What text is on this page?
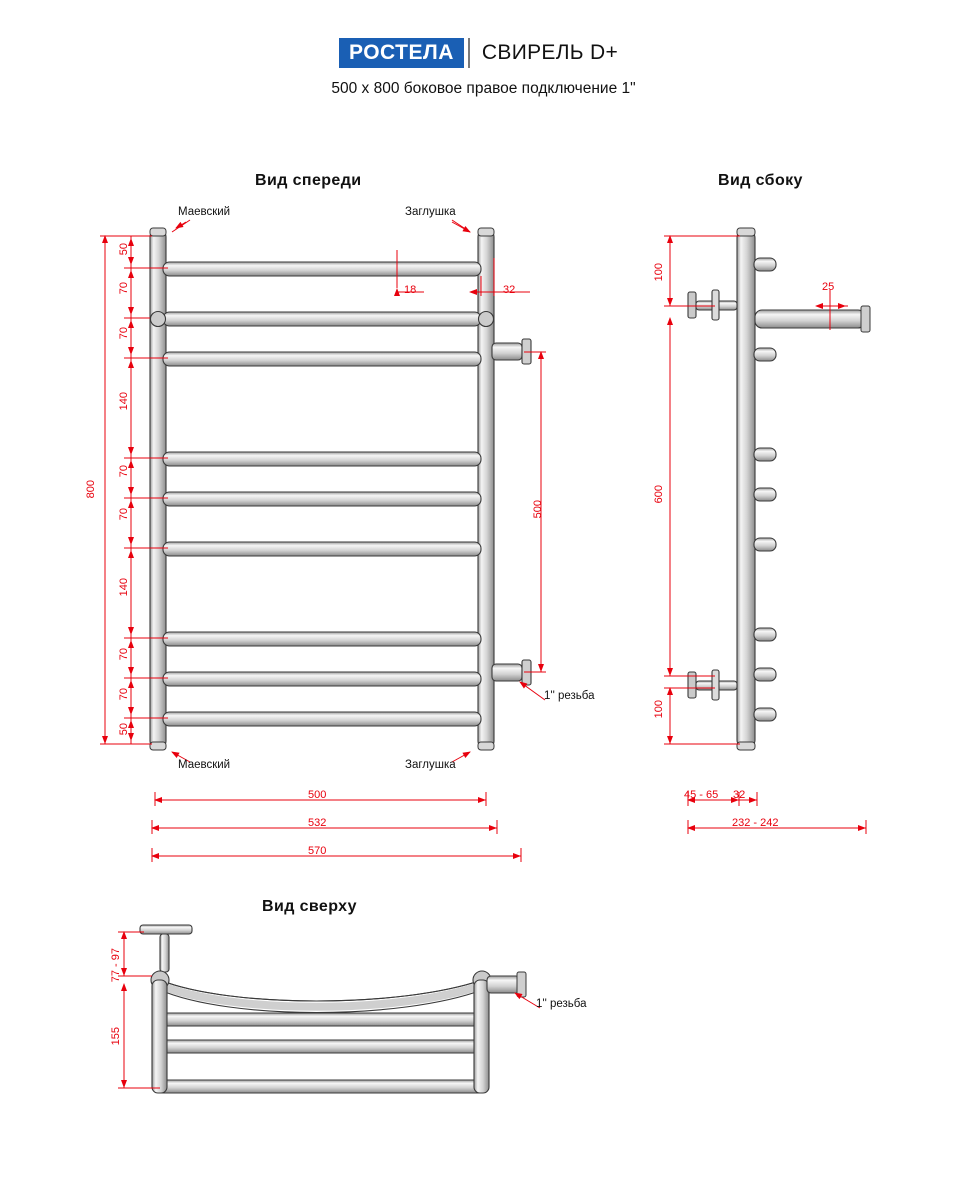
РОСТЕЛА	СВИРЕЛЬ D+
500 x 800 боковое правое подключение 1"
Вид спереди	Вид сбоку
Вид сверху
800
50
70
70
140
70
70
140
70
70
50
18	32
500
500
532
570
Маевский	Заглушка
Маевский	Заглушка
1'' резьба
100
600
100
25
45 - 65 32
232 - 242
77 - 97
155
1'' резьба
